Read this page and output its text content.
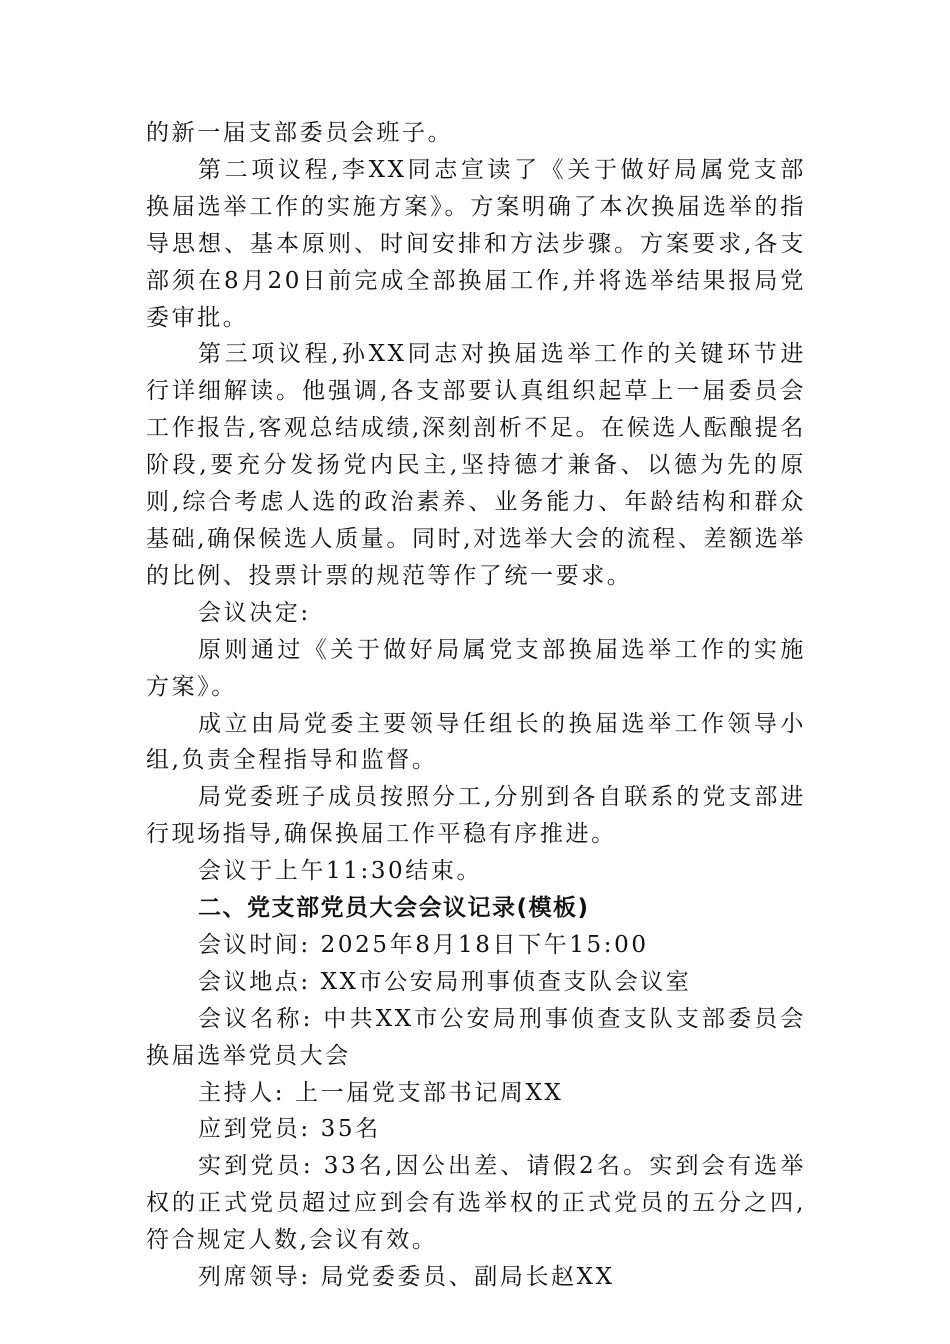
的新一届支部委员会班子。

第二项议程,李XX同志宣读了《关于做好局属党支部换届选举工作的实施方案》。方案明确了本次换届选举的指导思想、基本原则、时间安排和方法步骤。方案要求,各支部须在8月20日前完成全部换届工作,并将选举结果报局党委审批。

第三项议程,孙XX同志对换届选举工作的关键环节进行详细解读。他强调,各支部要认真组织起草上一届委员会工作报告,客观总结成绩,深刻剖析不足。在候选人酝酿提名阶段,要充分发扬党内民主,坚持德才兼备、以德为先的原则,综合考虑人选的政治素养、业务能力、年龄结构和群众基础,确保候选人质量。同时,对选举大会的流程、差额选举的比例、投票计票的规范等作了统一要求。

会议决定:

原则通过《关于做好局属党支部换届选举工作的实施方案》。

成立由局党委主要领导任组长的换届选举工作领导小组,负责全程指导和监督。

局党委班子成员按照分工,分别到各自联系的党支部进行现场指导,确保换届工作平稳有序推进。

会议于上午11:30结束。

二、党支部党员大会会议记录(模板)

会议时间: 2025年8月18日下午15:00

会议地点: XX市公安局刑事侦查支队会议室

会议名称: 中共XX市公安局刑事侦查支队支部委员会换届选举党员大会

主持人: 上一届党支部书记周XX

应到党员: 35名

实到党员: 33名,因公出差、请假2名。实到会有选举权的正式党员超过应到会有选举权的正式党员的五分之四,符合规定人数,会议有效。

列席领导: 局党委委员、副局长赵XX
